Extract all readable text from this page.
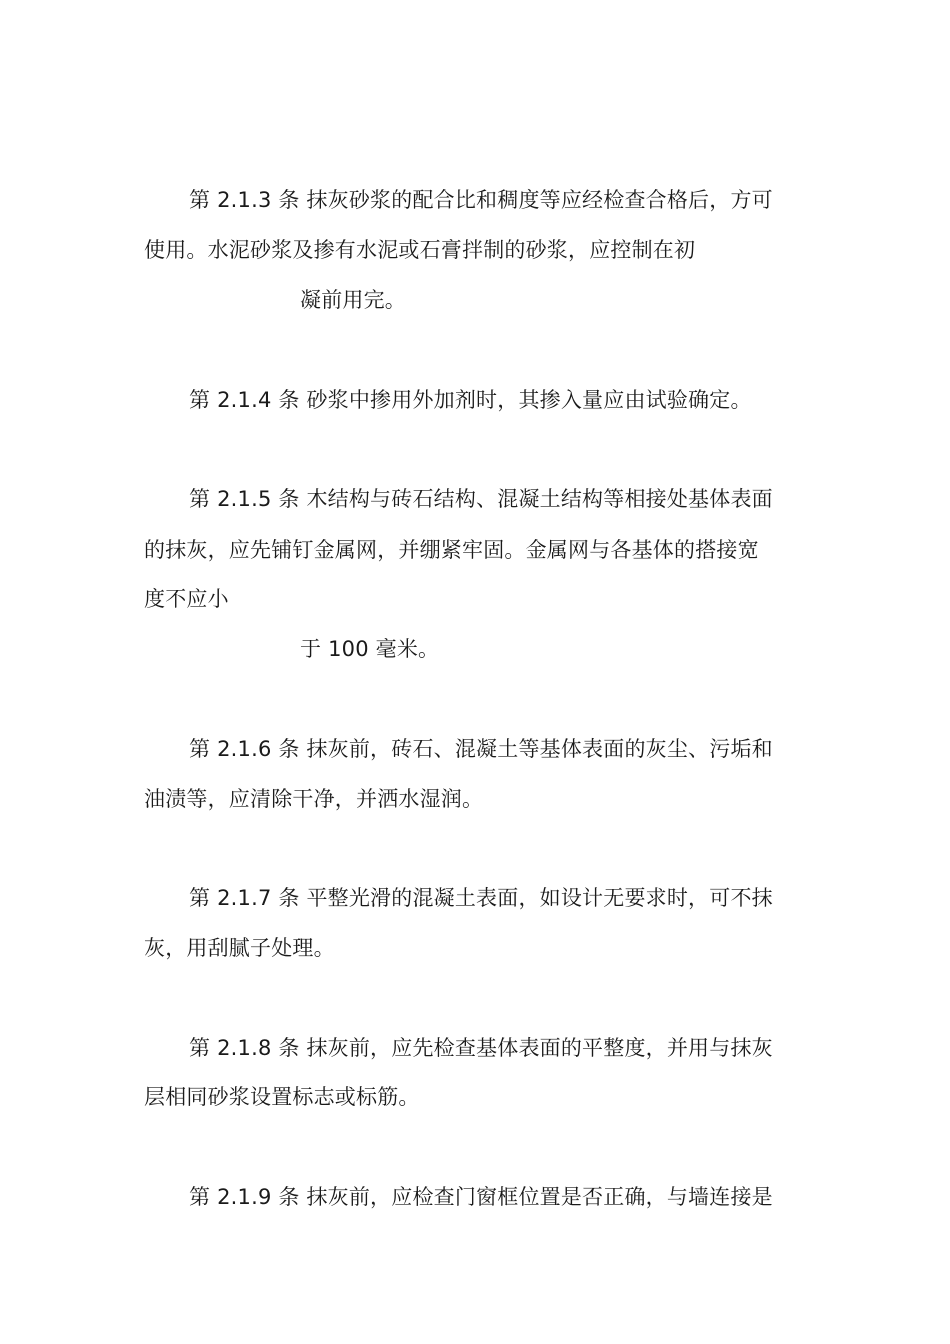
第 2.1.3 条 抹灰砂浆的配合比和稠度等应经检查合格后，方可
使用。水泥砂浆及掺有水泥或石膏拌制的砂浆，应控制在初
凝前用完。
第 2.1.4 条 砂浆中掺用外加剂时，其掺入量应由试验确定。
第 2.1.5 条 木结构与砖石结构、混凝土结构等相接处基体表面
的抹灰，应先铺钉金属网，并绷紧牢固。金属网与各基体的搭接宽
度不应小
于 100 毫米。
第 2.1.6 条 抹灰前，砖石、混凝土等基体表面的灰尘、污垢和
油渍等，应清除干净，并洒水湿润。
第 2.1.7 条 平整光滑的混凝土表面，如设计无要求时，可不抹
灰，用刮腻子处理。
第 2.1.8 条 抹灰前，应先检查基体表面的平整度，并用与抹灰
层相同砂浆设置标志或标筋。
第 2.1.9 条 抹灰前，应检查门窗框位置是否正确，与墙连接是
